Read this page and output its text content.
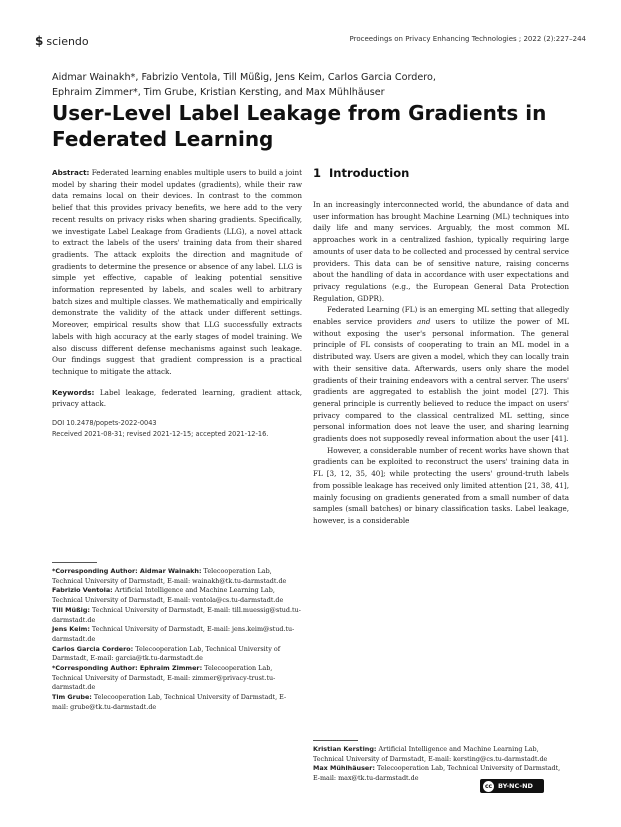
$ sciendo	Proceedings on Privacy Enhancing Technologies ; 2022 (2):227–244
Aidmar Wainakh*, Fabrizio Ventola, Till Müßig, Jens Keim, Carlos Garcia Cordero,
Ephraim Zimmer*, Tim Grube, Kristian Kersting, and Max Mühlhäuser
User-Level Label Leakage from Gradients in
Federated Learning

Abstract: Federated learning enables multiple users to build a joint model by sharing their model updates (gradients), while their raw data remains local on their devices. In contrast to the common belief that this provides privacy benefits, we here add to the very recent results on privacy risks when sharing gradients. Specifically, we investigate Label Leakage from Gradients (LLG), a novel attack to extract the labels of the users' training data from their shared gradients. The attack exploits the direction and magnitude of gradients to determine the presence or absence of any label. LLG is simple yet effective, capable of leaking potential sensitive information represented by labels, and scales well to arbitrary batch sizes and multiple classes. We mathematically and empirically demonstrate the validity of the attack under different settings. Moreover, empirical results show that LLG successfully extracts labels with high accuracy at the early stages of model training. We also discuss different defense mechanisms against such leakage. Our findings suggest that gradient compression is a practical technique to mitigate the attack.

Keywords: Label leakage, federated learning, gradient attack, privacy attack.

DOI 10.2478/popets-2022-0043
Received 2021-08-31; revised 2021-12-15; accepted 2021-12-16.

*Corresponding Author: Aidmar Wainakh: Telecooperation Lab, Technical University of Darmstadt, E-mail: wainakh@tk.tu-darmstadt.de

Fabrizio Ventola: Artificial Intelligence and Machine Learning Lab, Technical University of Darmstadt, E-mail: ventola@cs.tu-darmstadt.de

Till Müßig: Technical University of Darmstadt, E-mail: till.muessig@stud.tu-darmstadt.de

Jens Keim: Technical University of Darmstadt, E-mail: jens.keim@stud.tu-darmstadt.de

Carlos Garcia Cordero: Telecooperation Lab, Technical University of Darmstadt, E-mail: garcia@tk.tu-darmstadt.de

*Corresponding Author: Ephraim Zimmer: Telecooperation Lab, Technical University of Darmstadt, E-mail: zimmer@privacy-trust.tu-darmstadt.de

Tim Grube: Telecooperation Lab, Technical University of Darmstadt, E-mail: grube@tk.tu-darmstadt.de

1 Introduction

In an increasingly interconnected world, the abundance of data and user information has brought Machine Learning (ML) techniques into daily life and many services. Arguably, the most common ML approaches work in a centralized fashion, typically requiring large amounts of user data to be collected and processed by central service providers. This data can be of sensitive nature, raising concerns about the handling of data in accordance with user expectations and privacy regulations (e.g., the European General Data Protection Regulation, GDPR).

Federated Learning (FL) is an emerging ML setting that allegedly enables service providers and users to utilize the power of ML without exposing the user's personal information. The general principle of FL consists of cooperating to train an ML model in a distributed way. Users are given a model, which they can locally train with their sensitive data. Afterwards, users only share the model gradients of their training endeavors with a central server. The users' gradients are aggregated to establish the joint model [27]. This general principle is currently believed to reduce the impact on users' privacy compared to the classical centralized ML setting, since personal information does not leave the user, and sharing learning gradients does not supposedly reveal information about the user [41].

However, a considerable number of recent works have shown that gradients can be exploited to reconstruct the users' training data in FL [3, 12, 35, 40]; while protecting the users' ground-truth labels from possible leakage has received only limited attention [21, 38, 41], mainly focusing on gradients generated from a small number of data samples (small batches) or binary classification tasks. Label leakage, however, is a considerable

Kristian Kersting: Artificial Intelligence and Machine Learning Lab, Technical University of Darmstadt, E-mail: kersting@cs.tu-darmstadt.de

Max Mühlhäuser: Telecooperation Lab, Technical University of Darmstadt, E-mail: max@tk.tu-darmstadt.de

cc BY-NC-ND
